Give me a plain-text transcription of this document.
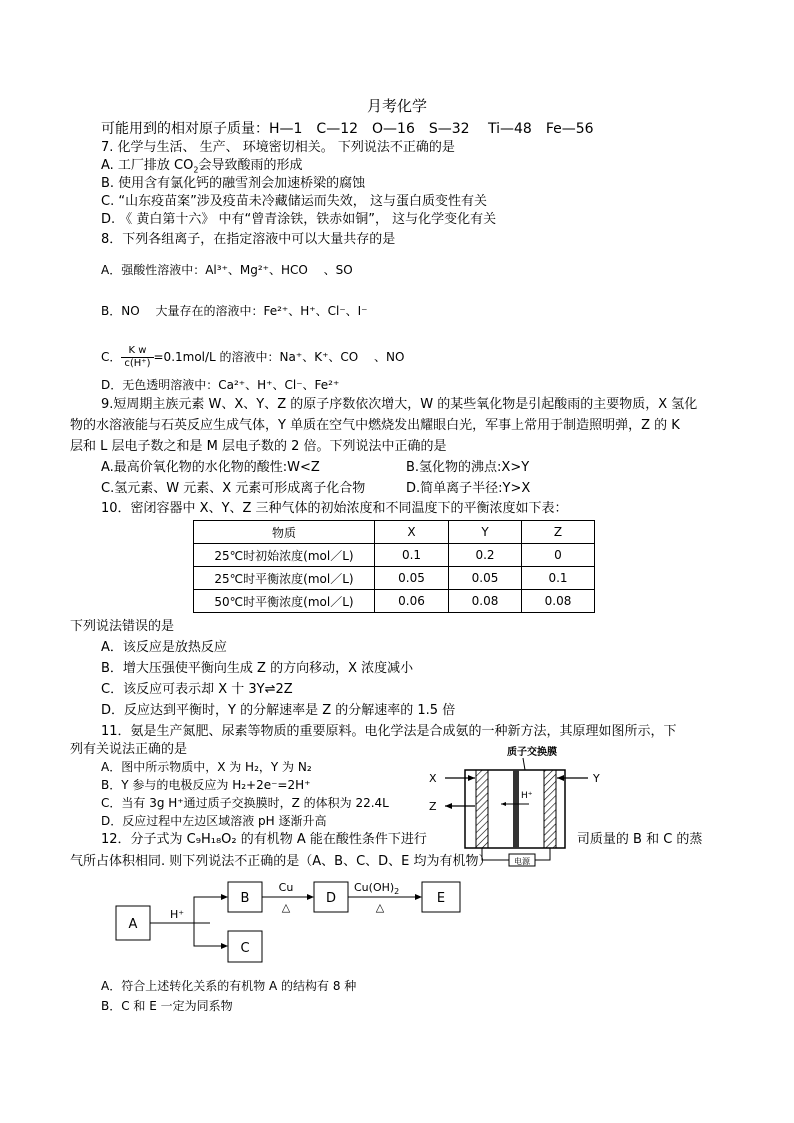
月考化学
可能用到的相对原子质量：H—1　C—12　O—16　S—32　 Ti—48　Fe—56
7. 化学与生活、 生产、 环境密切相关。 下列说法不正确的是
A. 工厂排放 $CO_2$会导致酸雨的形成
B. 使用含有氯化钙的融雪剂会加速桥梁的腐蚀
C. “山东疫苗案”涉及疫苗未冷藏储运而失效， 这与蛋白质变性有关
D. 《 黄白第十六》 中有“曾青涂铁，铁赤如铜”， 这与化学变化有关
8．下列各组离子，在指定溶液中可以大量共存的是
A．强酸性溶液中：Al³⁺、Mg²⁺、HCO 　、SO
B．NO 　大量存在的溶液中：Fe²⁺、H⁺、Cl⁻、I⁻
C． $\frac{\text{K w}}{c(H^+)} =0.1mol/L$ 的溶液中：Na⁺、K⁺、CO 　、NO
D．无色透明溶液中：Ca²⁺、H⁺、Cl⁻、Fe²⁺
9.短周期主族元素 W、X、Y、Z 的原子序数依次增大，W 的某些氧化物是引起酸雨的主要物质，X 氢化
物的水溶液能与石英反应生成气体，Y 单质在空气中燃烧发出耀眼白光，军事上常用于制造照明弹，Z 的 K
层和 L 层电子数之和是 M 层电子数的 2 倍。下列说法中正确的是
A.最高价氧化物的水化物的酸性:W<Z	B.氢化物的沸点:X>Y
C.氢元素、W 元素、X 元素可形成离子化合物	D.简单离子半径:Y>X
10．密闭容器中 X、Y、Z 三种气体的初始浓度和不同温度下的平衡浓度如下表：
物质	X	Y	Z
25℃时初始浓度(mol／L)	0.1	0.2	0
25℃时平衡浓度(mol／L)	0.05	0.05	0.1
50℃时平衡浓度(mol／L)	0.06	0.08	0.08
下列说法错误的是
A．该反应是放热反应
B．增大压强使平衡向生成 Z 的方向移动，X 浓度减小
C．该反应可表示却 X 十 3Y⇌2Z
D．反应达到平衡时，Y 的分解速率是 Z 的分解速率的 1.5 倍
11．氨是生产氮肥、尿素等物质的重要原料。电化学法是合成氨的一种新方法，其原理如图所示，下
列有关说法正确的是
A．图中所示物质中，X 为 H₂，Y 为 N₂
B．Y 参与的电极反应为 H₂+2e⁻=2H⁺
C．当有 3g H⁺通过质子交换膜时，Z 的体积为 22.4L
D．反应过程中左边区域溶液 pH 逐渐升高
质子交换膜
X	Y
Z
H⁺
电源
12．分子式为 C₉H₁₈O₂ 的有机物 A 能在酸性条件下进行	司质量的 B 和 C 的蒸
气所占体积相同. 则下列说法不正确的是（A、B、C、D、E 均为有机物）
A
H⁺
B
C
Cu
△
D
$Cu(OH)_2$
△
E
A．符合上述转化关系的有机物 A 的结构有 8 种
B．C 和 E 一定为同系物
